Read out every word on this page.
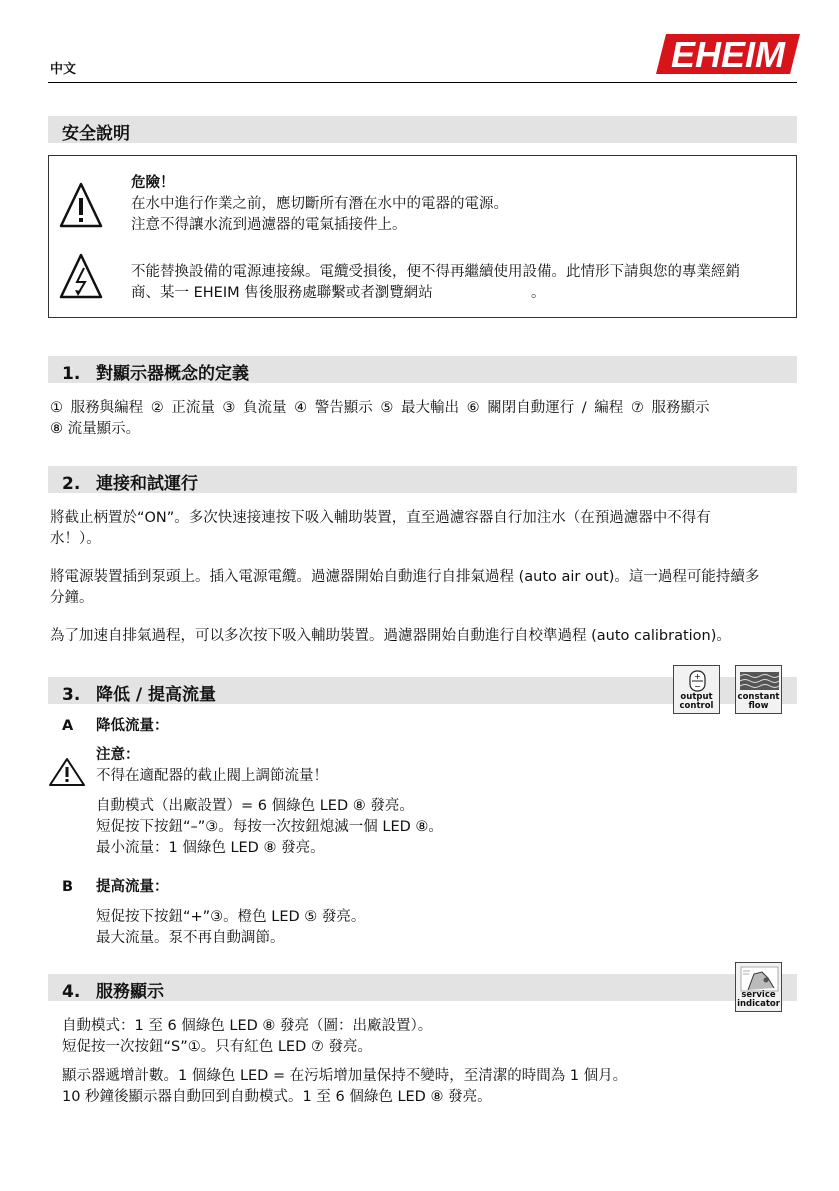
中文	EHEIM
安全說明
危險！
在水中進行作業之前，應切斷所有潛在水中的電器的電源。
注意不得讓水流到過濾器的電氣插接件上。
不能替換設備的電源連接線。電纜受損後，便不得再繼續使用設備。此情形下請與您的專業經銷
商、某一 EHEIM 售後服務處聯繫或者瀏覽網站	。
1. 對顯示器概念的定義
① 服務與編程 ② 正流量 ③ 負流量 ④ 警告顯示 ⑤ 最大輸出 ⑥ 關閉自動運行 / 編程 ⑦ 服務顯示
⑧ 流量顯示。
2. 連接和試運行
將截止柄置於“ON”。多次快速接連按下吸入輔助裝置，直至過濾容器自行加注水（在預過濾器中不得有
水！）。
將電源裝置插到泵頭上。插入電源電纜。過濾器開始自動進行自排氣過程 (auto air out)。這一過程可能持續多
分鐘。
為了加速自排氣過程，可以多次按下吸入輔助裝置。過濾器開始自動進行自校準過程 (auto calibration)。
3. 降低 / 提高流量
+
−
output control
constant flow
A 降低流量：
注意：
不得在適配器的截止閥上調節流量！
自動模式（出廠設置）= 6 個綠色 LED ⑧ 發亮。
短促按下按鈕“–”③。每按一次按鈕熄滅一個 LED ⑧。
最小流量：1 個綠色 LED ⑧ 發亮。
B 提高流量：
短促按下按鈕“+”③。橙色 LED ⑤ 發亮。
最大流量。泵不再自動調節。
4. 服務顯示	service indicator
自動模式：1 至 6 個綠色 LED ⑧ 發亮（圖：出廠設置）。
短促按一次按鈕“S”①。只有紅色 LED ⑦ 發亮。
顯示器遞增計數。1 個綠色 LED = 在污垢增加量保持不變時，至清潔的時間為 1 個月。
10 秒鐘後顯示器自動回到自動模式。1 至 6 個綠色 LED ⑧ 發亮。
